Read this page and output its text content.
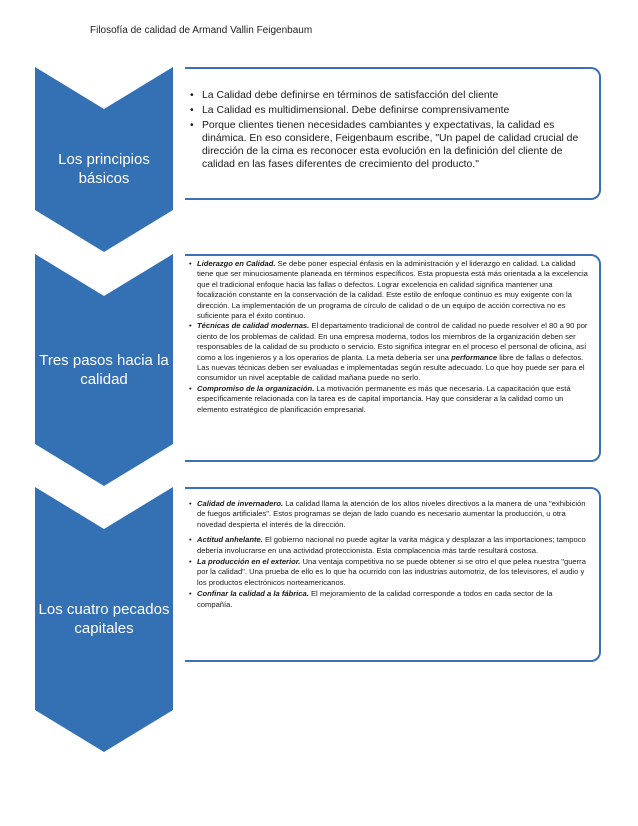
Filosofía de calidad de Armand Vallin Feigenbaum
Los principios básicos
• La Calidad debe definirse en términos de satisfacción del cliente
• La Calidad es multidimensional. Debe definirse comprensivamente
• Porque clientes tienen necesidades cambiantes y expectativas, la calidad es dinámica. En eso considere, Feigenbaum escribe, "Un papel de calidad crucial de dirección de la cima es reconocer esta evolución en la definición del cliente de calidad en las fases diferentes de crecimiento del producto."
Tres pasos hacia la calidad
• Liderazgo en Calidad. Se debe poner especial énfasis en la administración y el liderazgo en calidad. La calidad tiene que ser minuciosamente planeada en términos específicos. Esta propuesta está más orientada a la excelencia que el tradicional enfoque hacia las fallas o defectos. Lograr excelencia en calidad significa mantener una focalización constante en la conservación de la calidad. Este estilo de enfoque continuo es muy exigente con la dirección. La implementación de un programa de círculo de calidad o de un equipo de acción correctiva no es suficiente para el éxito continuo.
• Técnicas de calidad modernas. El departamento tradicional de control de calidad no puede resolver el 80 a 90 por ciento de los problemas de calidad. En una empresa moderna, todos los miembros de la organización deben ser responsables de la calidad de su producto o servicio. Esto significa integrar en el proceso el personal de oficina, así como a los ingenieros y a los operarios de planta. La meta debería ser una performance libre de fallas o defectos. Las nuevas técnicas deben ser evaluadas e implementadas según resulte adecuado. Lo que hoy puede ser para el consumidor un nivel aceptable de calidad mañana puede no serlo.
• Compromiso de la organización. La motivación permanente es más que necesaria. La capacitación que está específicamente relacionada con la tarea es de capital importancia. Hay que considerar a la calidad como un elemento estratégico de planificación empresarial.
Los cuatro pecados capitales
• Calidad de invernadero. La calidad llama la atención de los altos niveles directivos a la manera de una "exhibición de fuegos artificiales". Estos programas se dejan de lado cuando es necesario aumentar la producción, u otra novedad despierta el interés de la dirección.
• Actitud anhelante. El gobierno nacional no puede agitar la varita mágica y desplazar a las importaciones; tampoco debería involucrarse en una actividad proteccionista. Esta complacencia más tarde resultará costosa.
• La producción en el exterior. Una ventaja competitiva no se puede obtener si se otro el que pelea nuestra "guerra por la calidad". Una prueba de ello es lo que ha ocurrido con las industrias automotriz, de los televisores, el audio y los productos electrónicos norteamericanos.
• Confinar la calidad a la fábrica. El mejoramiento de la calidad corresponde a todos en cada sector de la compañía.
